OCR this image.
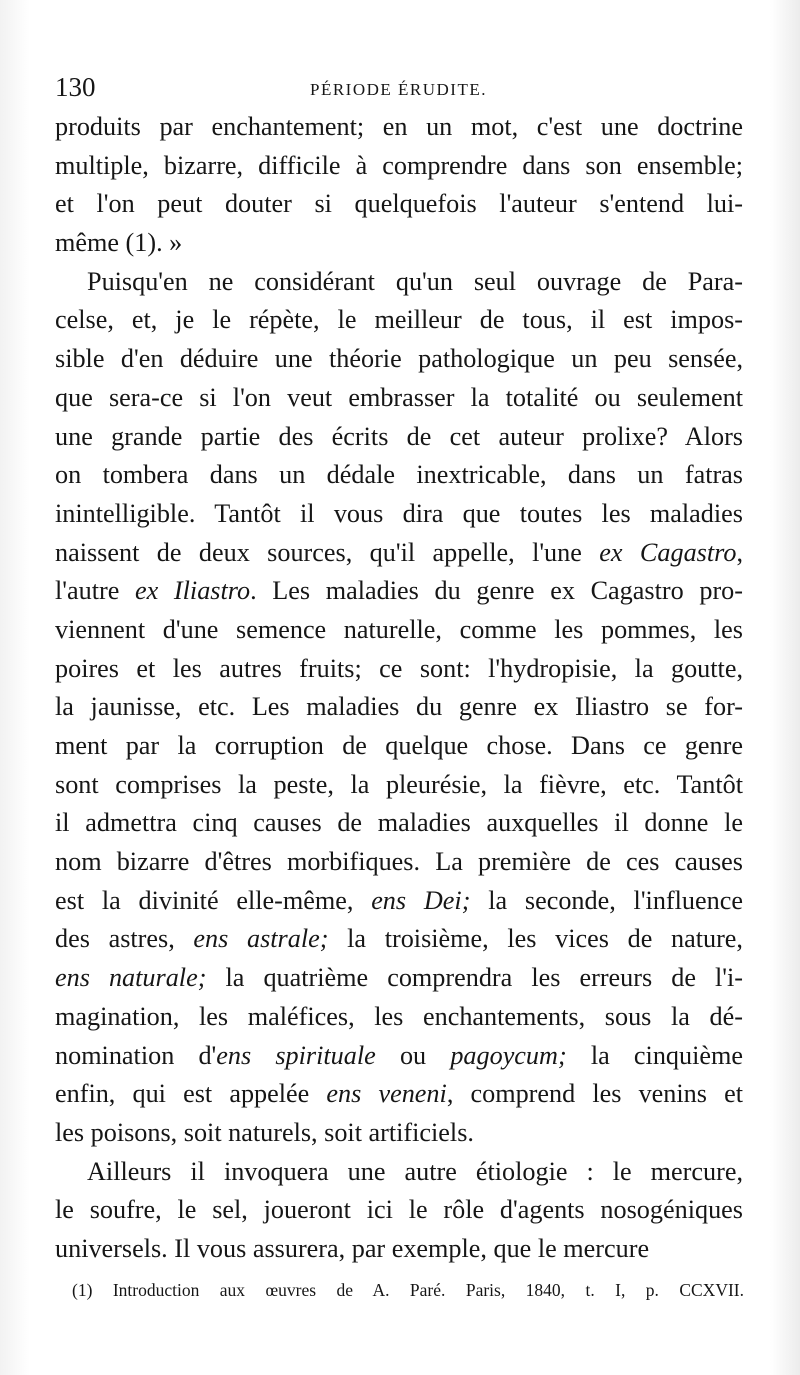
130	PÉRIODE ÉRUDITE.
produits par enchantement; en un mot, c'est une doctrine
multiple, bizarre, difficile à comprendre dans son ensemble;
et l'on peut douter si quelquefois l'auteur s'entend lui-
même (1). »
Puisqu'en ne considérant qu'un seul ouvrage de Para-
celse, et, je le répète, le meilleur de tous, il est impos-
sible d'en déduire une théorie pathologique un peu sensée,
que sera-ce si l'on veut embrasser la totalité ou seulement
une grande partie des écrits de cet auteur prolixe? Alors
on tombera dans un dédale inextricable, dans un fatras
inintelligible. Tantôt il vous dira que toutes les maladies
naissent de deux sources, qu'il appelle, l'une ex Cagastro,
l'autre ex Iliastro. Les maladies du genre ex Cagastro pro-
viennent d'une semence naturelle, comme les pommes, les
poires et les autres fruits; ce sont: l'hydropisie, la goutte,
la jaunisse, etc. Les maladies du genre ex Iliastro se for-
ment par la corruption de quelque chose. Dans ce genre
sont comprises la peste, la pleurésie, la fièvre, etc. Tantôt
il admettra cinq causes de maladies auxquelles il donne le
nom bizarre d'êtres morbifiques. La première de ces causes
est la divinité elle-même, ens Dei; la seconde, l'influence
des astres, ens astrale; la troisième, les vices de nature,
ens naturale; la quatrième comprendra les erreurs de l'i-
magination, les maléfices, les enchantements, sous la dé-
nomination d'ens spirituale ou pagoycum; la cinquième
enfin, qui est appelée ens veneni, comprend les venins et
les poisons, soit naturels, soit artificiels.
Ailleurs il invoquera une autre étiologie : le mercure,
le soufre, le sel, joueront ici le rôle d'agents nosogéniques
universels. Il vous assurera, par exemple, que le mercure
(1) Introduction aux œuvres de A. Paré. Paris, 1840, t. I, p. CCXVII.
